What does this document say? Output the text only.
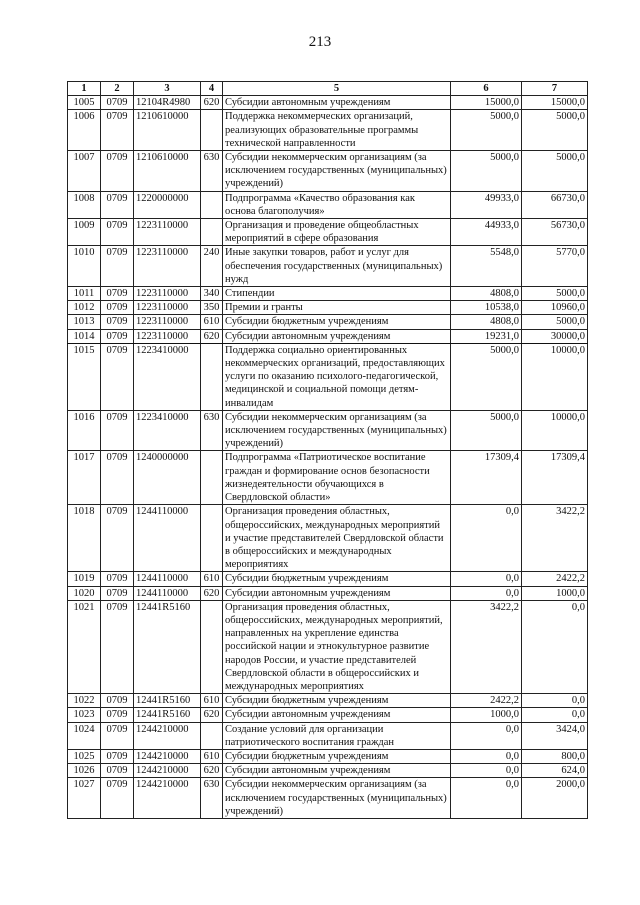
213
1	2	3	4	5	6	7
1005	0709	12104R4980	620	Субсидии автономным учреждениям	15000,0	15000,0
1006	0709	1210610000		Поддержка некоммерческих организаций, реализующих образовательные программы технической направленности	5000,0	5000,0
1007	0709	1210610000	630	Субсидии некоммерческим организациям (за исключением государственных (муниципальных) учреждений)	5000,0	5000,0
1008	0709	1220000000		Подпрограмма «Качество образования как основа благополучия»	49933,0	66730,0
1009	0709	1223110000		Организация и проведение общеобластных мероприятий в сфере образования	44933,0	56730,0
1010	0709	1223110000	240	Иные закупки товаров, работ и услуг для обеспечения государственных (муниципальных) нужд	5548,0	5770,0
1011	0709	1223110000	340	Стипендии	4808,0	5000,0
1012	0709	1223110000	350	Премии и гранты	10538,0	10960,0
1013	0709	1223110000	610	Субсидии бюджетным учреждениям	4808,0	5000,0
1014	0709	1223110000	620	Субсидии автономным учреждениям	19231,0	30000,0
1015	0709	1223410000		Поддержка социально ориентированных некоммерческих организаций, предоставляющих услуги по оказанию психолого-педагогической, медицинской и социальной помощи детям-инвалидам	5000,0	10000,0
1016	0709	1223410000	630	Субсидии некоммерческим организациям (за исключением государственных (муниципальных) учреждений)	5000,0	10000,0
1017	0709	1240000000		Подпрограмма «Патриотическое воспитание граждан и формирование основ безопасности жизнедеятельности обучающихся в Свердловской области»	17309,4	17309,4
1018	0709	1244110000		Организация проведения областных, общероссийских, международных мероприятий и участие представителей Свердловской области в общероссийских и международных мероприятиях	0,0	3422,2
1019	0709	1244110000	610	Субсидии бюджетным учреждениям	0,0	2422,2
1020	0709	1244110000	620	Субсидии автономным учреждениям	0,0	1000,0
1021	0709	12441R5160		Организация проведения областных, общероссийских, международных мероприятий, направленных на укрепление единства российской нации и этнокультурное развитие народов России, и участие представителей Свердловской области в общероссийских и международных мероприятиях	3422,2	0,0
1022	0709	12441R5160	610	Субсидии бюджетным учреждениям	2422,2	0,0
1023	0709	12441R5160	620	Субсидии автономным учреждениям	1000,0	0,0
1024	0709	1244210000		Создание условий для организации патриотического воспитания граждан	0,0	3424,0
1025	0709	1244210000	610	Субсидии бюджетным учреждениям	0,0	800,0
1026	0709	1244210000	620	Субсидии автономным учреждениям	0,0	624,0
1027	0709	1244210000	630	Субсидии некоммерческим организациям (за исключением государственных (муниципальных) учреждений)	0,0	2000,0
